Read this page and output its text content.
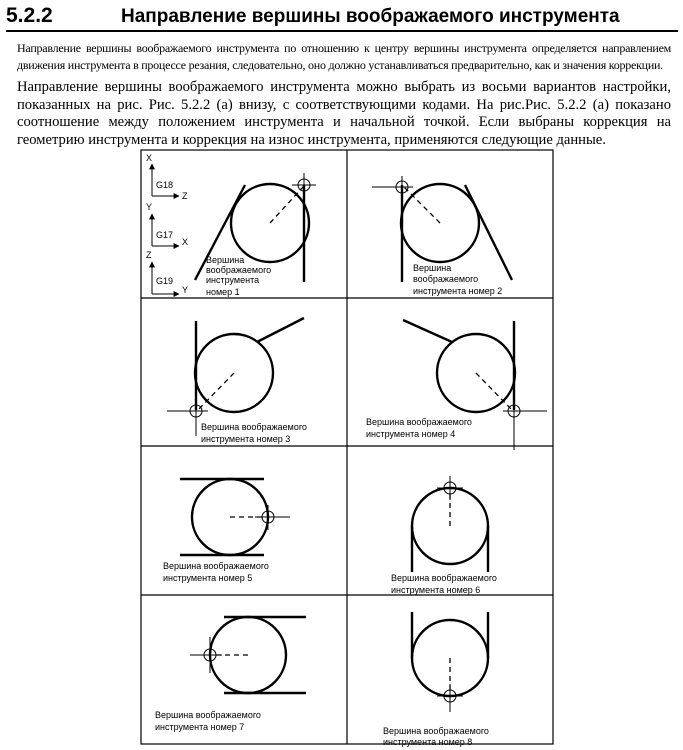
5.2.2	Направление вершины воображаемого инструмента

Направление вершины воображаемого инструмента по отношению к центру вершины инструмента определяется направлением движения инструмента в процессе резания, следовательно, оно должно устанавливаться предварительно, как и значения коррекции.

Направление вершины воображаемого инструмента можно выбрать из восьми вариантов настройки, показанных на рис. Рис. 5.2.2 (а) внизу, с соответствующими кодами. На рис.Рис. 5.2.2 (а) показано соотношение между положением инструмента и начальной точкой. Если выбраны коррекция на геометрию инструмента и коррекция на износ инструмента, применяются следующие данные.

X
G18
Z
Y
G17
X
Z
G19
Y
Вершина
воображаемого
инструмента
номер 1
Вершина
воображаемого
инструмента номер 2
Вершина воображаемого
инструмента номер 3
Вершина воображаемого
инструмента номер 4
Вершина воображаемого
инструмента номер 5	Вершина воображаемого
инструмента номер 6
Вершина воображаемого
инструмента номер 7	Вершина воображаемого
инструмента номер 8
